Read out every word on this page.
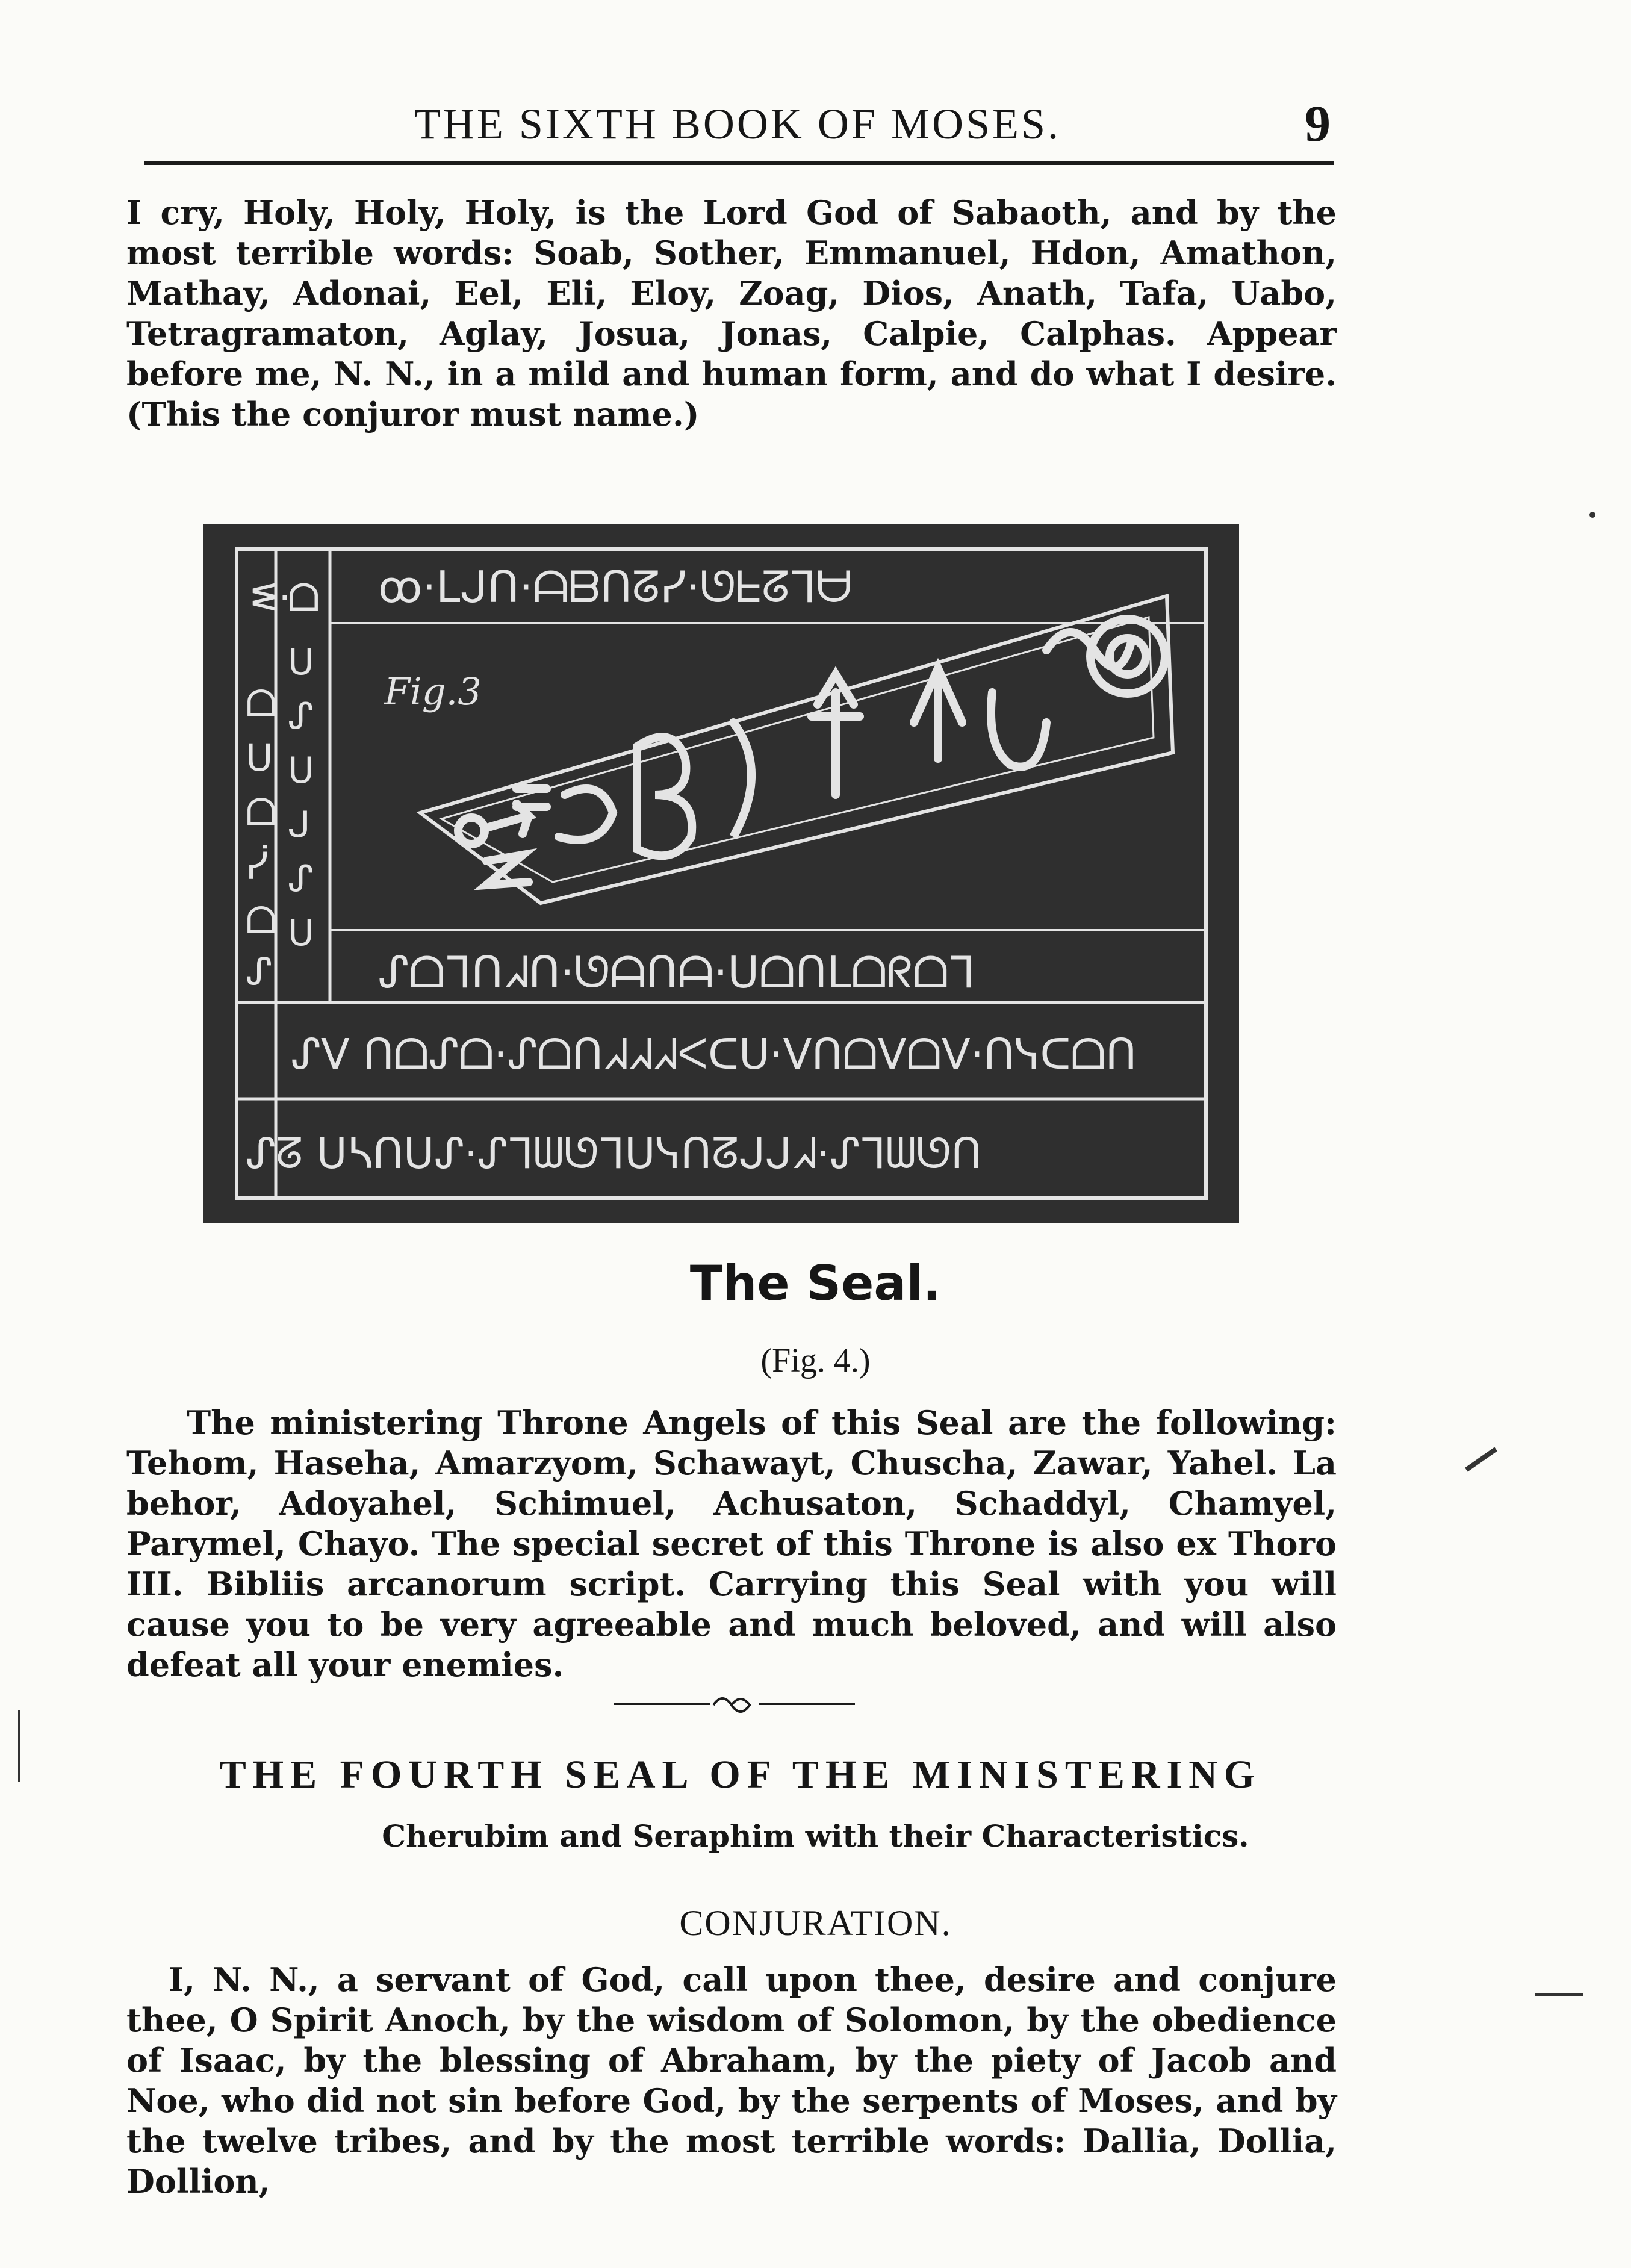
THE SIXTH BOOK OF MOSES.	9

I cry, Holy, Holy, Holy, is the Lord God of Sabaoth, and by the most terrible words: Soab, Sother, Emmanuel, Hdon, Amathon, Mathay, Adonai, Eel, Eli, Eloy, Zoag, Dios, Anath, Tafa, Uabo, Tetragramaton, Aglay, Josua, Jonas, Calpie, Calphas. Appear before me, N. N., in a mild and human form, and do what I desire. (This the conjuror must name.)

ꝏ·ᒪᒍᑎ·ᗩᗷᑎᘔᓯ·ᘎᖶᘔᒣᗨ
ᔑᗝᒣᑎᖽᑎ·ᘎᗩᑎᗩ·ᑌᗝᑎᒪᗝᖇᗝᒣ
ᔑᐯ ᑎᗝᔑᗝ·ᔑᗝᑎᖽᖽᖽᐸᑕᑌ·ᐯᑎᗝᐯᗝᐯ·ᑎᓭᑕᗝᑎ
ᔑᘔ ᑌᓴᑎᑌᔑ·ᔑᒣᗯᘎᒣᑌᓭᑎᘔᒍᒍᖽ·ᔑᒣᗯᘎᑎ
ᓬ·
ᗝ
ᗝ
ᑌ
ᗝ
ᓰ
ᗝ
ᔑ
ᑌ
ᔑ
ᑌ
ᒍ
ᔑ
ᑌ
Fig.3
The Seal.
(Fig. 4.)

The ministering Throne Angels of this Seal are the following: Tehom, Haseha, Amarzyom, Schawayt, Chuscha, Zawar, Yahel. La behor, Adoyahel, Schimuel, Achusaton, Schaddyl, Chamyel, Parymel, Chayo. The special secret of this Throne is also ex Thoro III. Bibliis arcanorum script. Carrying this Seal with you will cause you to be very agreeable and much beloved, and will also defeat all your enemies.

THE FOURTH SEAL OF THE MINISTERING
Cherubim and Seraphim with their Characteristics.
CONJURATION.

I, N. N., a servant of God, call upon thee, desire and conjure thee, O Spirit Anoch, by the wisdom of Solomon, by the obedience of Isaac, by the blessing of Abraham, by the piety of Jacob and Noe, who did not sin before God, by the serpents of Moses, and by the twelve tribes, and by the most terrible words: Dallia, Dollia, Dollion,
